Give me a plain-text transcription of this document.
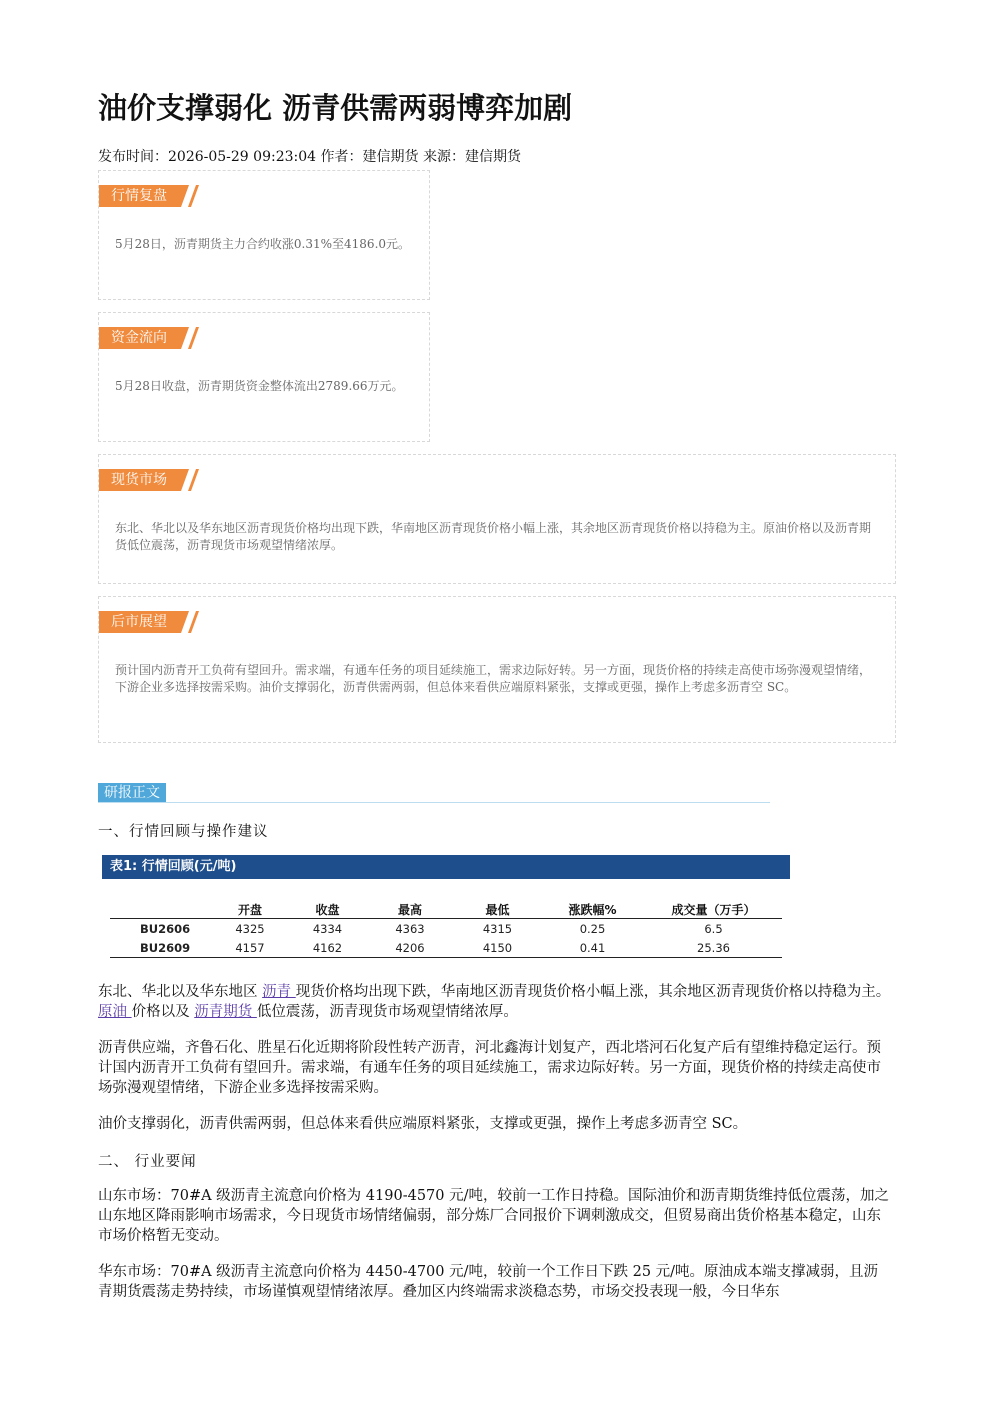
油价支撑弱化 沥青供需两弱博弈加剧
发布时间：2026-05-29 09:23:04 作者：建信期货 来源：建信期货
行情复盘
5月28日，沥青期货主力合约收涨0.31%至4186.0元。
资金流向
5月28日收盘，沥青期货资金整体流出2789.66万元。
现货市场
东北、华北以及华东地区沥青现货价格均出现下跌，华南地区沥青现货价格小幅上涨，其余地区沥青现货价格以持稳为主。原油价格以及沥青期货低位震荡，沥青现货市场观望情绪浓厚。
后市展望
预计国内沥青开工负荷有望回升。需求端，有通车任务的项目延续施工，需求边际好转。另一方面，现货价格的持续走高使市场弥漫观望情绪，下游企业多选择按需采购。油价支撑弱化，沥青供需两弱，但总体来看供应端原料紧张，支撑或更强，操作上考虑多沥青空 SC。
研报正文
一、行情回顾与操作建议
表1: 行情回顾(元/吨)
	开盘	收盘	最高	最低	涨跌幅%	成交量（万手）
BU2606	4325	4334	4363	4315	0.25	6.5
BU2609	4157	4162	4206	4150	0.41	25.36

东北、华北以及华东地区 沥青 现货价格均出现下跌，华南地区沥青现货价格小幅上涨，其余地区沥青现货价格以持稳为主。 原油 价格以及 沥青期货 低位震荡，沥青现货市场观望情绪浓厚。

沥青供应端，齐鲁石化、胜星石化近期将阶段性转产沥青，河北鑫海计划复产，西北塔河石化复产后有望维持稳定运行。预计国内沥青开工负荷有望回升。需求端，有通车任务的项目延续施工，需求边际好转。另一方面，现货价格的持续走高使市场弥漫观望情绪，下游企业多选择按需采购。

油价支撑弱化，沥青供需两弱，但总体来看供应端原料紧张，支撑或更强，操作上考虑多沥青空 SC。

二、 行业要闻

山东市场：70#A 级沥青主流意向价格为 4190-4570 元/吨，较前一工作日持稳。国际油价和沥青期货维持低位震荡，加之山东地区降雨影响市场需求，今日现货市场情绪偏弱，部分炼厂合同报价下调刺激成交，但贸易商出货价格基本稳定，山东市场价格暂无变动。

华东市场：70#A 级沥青主流意向价格为 4450-4700 元/吨，较前一个工作日下跌 25 元/吨。原油成本端支撑减弱，且沥青期货震荡走势持续，市场谨慎观望情绪浓厚。叠加区内终端需求淡稳态势，市场交投表现一般，今日华东
